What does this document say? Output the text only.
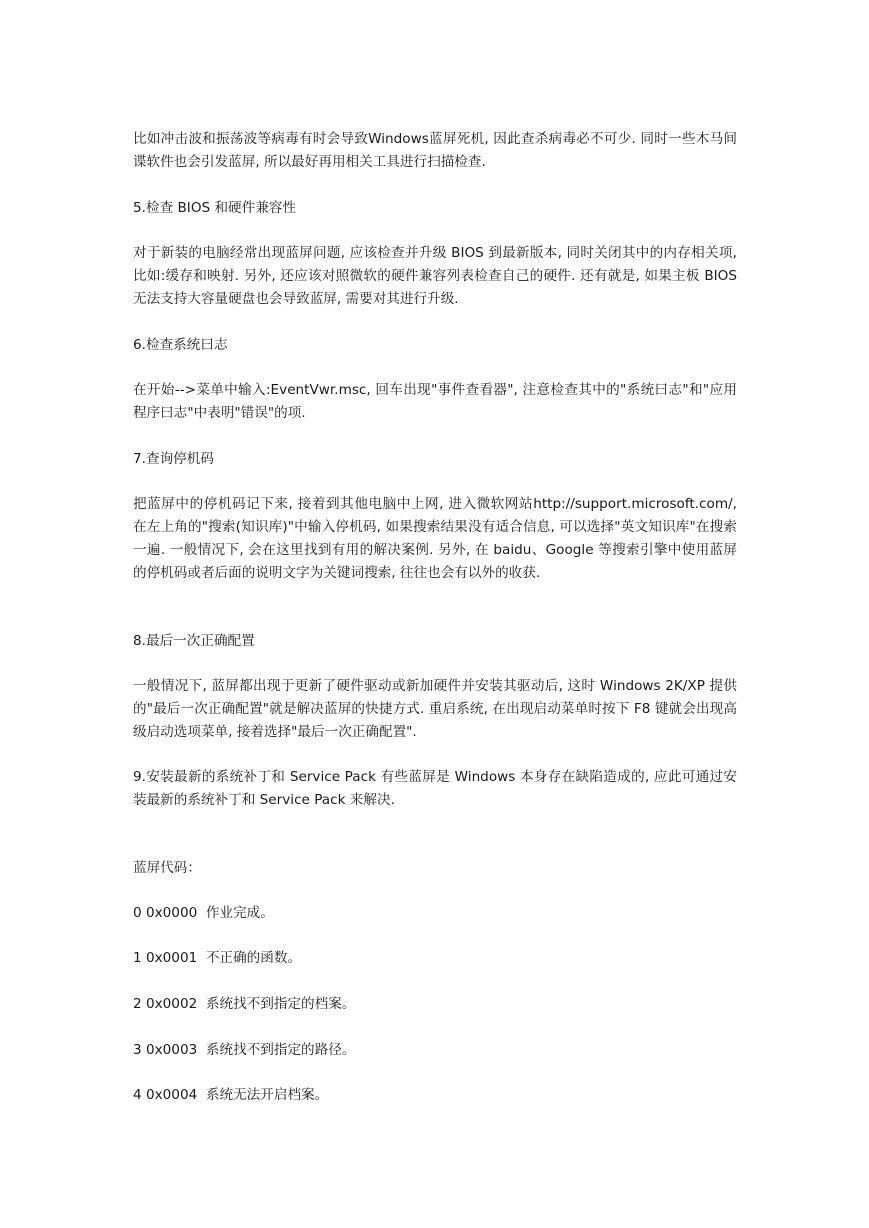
比如冲击波和振荡波等病毒有时会导致Windows蓝屏死机, 因此查杀病毒必不可少. 同时一些木马间谍软件也会引发蓝屏, 所以最好再用相关工具进行扫描检查.

5.检查 BIOS 和硬件兼容性

对于新装的电脑经常出现蓝屏问题, 应该检查并升级 BIOS 到最新版本, 同时关闭其中的内存相关项, 比如:缓存和映射. 另外, 还应该对照微软的硬件兼容列表检查自己的硬件. 还有就是, 如果主板 BIOS 无法支持大容量硬盘也会导致蓝屏, 需要对其进行升级.

6.检查系统曰志

在开始-->菜单中输入:EventVwr.msc, 回车出现"事件查看器", 注意检查其中的"系统曰志"和"应用程序曰志"中表明"错误"的项.

7.查询停机码

把蓝屏中的停机码记下来, 接着到其他电脑中上网, 进入微软网站http://support.microsoft.com/, 在左上角的"搜索(知识库)"中输入停机码, 如果搜索结果没有适合信息, 可以选择"英文知识库"在搜索一遍. 一般情况下, 会在这里找到有用的解决案例. 另外, 在 baidu、Google 等搜索引擎中使用蓝屏的停机码或者后面的说明文字为关键词搜索, 往往也会有以外的收获.

8.最后一次正确配置

一般情况下, 蓝屏都出现于更新了硬件驱动或新加硬件并安装其驱动后, 这时 Windows 2K/XP 提供的"最后一次正确配置"就是解决蓝屏的快捷方式. 重启系统, 在出现启动菜单时按下 F8 键就会出现高级启动选项菜单, 接着选择"最后一次正确配置".

9.安装最新的系统补丁和 Service Pack 有些蓝屏是 Windows 本身存在缺陷造成的, 应此可通过安装最新的系统补丁和 Service Pack 来解决.

蓝屏代码：

0 0x0000  作业完成。

1 0x0001  不正确的函数。

2 0x0002  系统找不到指定的档案。

3 0x0003  系统找不到指定的路径。

4 0x0004  系统无法开启档案。
